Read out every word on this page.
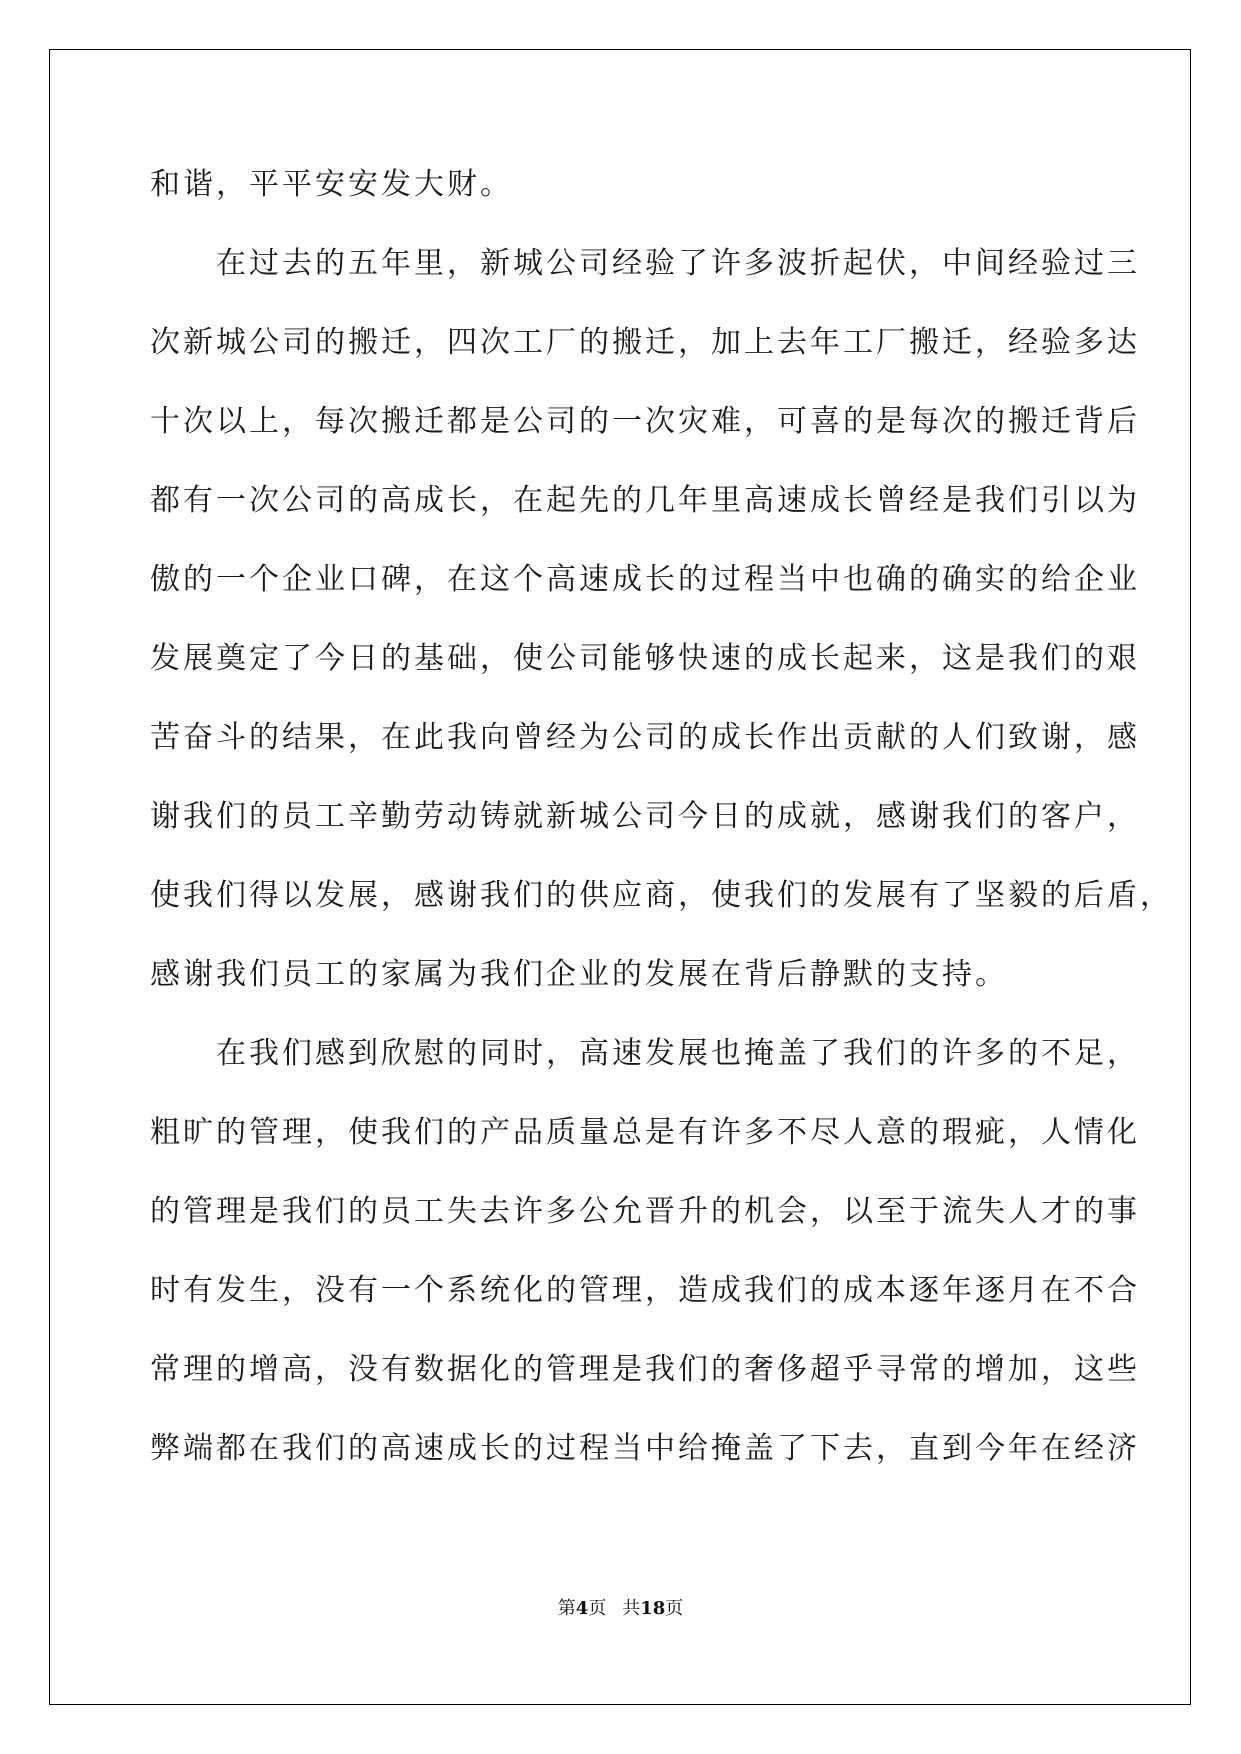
和谐，平平安安发大财。
在过去的五年里，新城公司经验了许多波折起伏，中间经验过三
次新城公司的搬迁，四次工厂的搬迁，加上去年工厂搬迁，经验多达
十次以上，每次搬迁都是公司的一次灾难，可喜的是每次的搬迁背后
都有一次公司的高成长，在起先的几年里高速成长曾经是我们引以为
傲的一个企业口碑，在这个高速成长的过程当中也确的确实的给企业
发展奠定了今日的基础，使公司能够快速的成长起来，这是我们的艰
苦奋斗的结果，在此我向曾经为公司的成长作出贡献的人们致谢，感
谢我们的员工辛勤劳动铸就新城公司今日的成就，感谢我们的客户，
使我们得以发展，感谢我们的供应商，使我们的发展有了坚毅的后盾，
感谢我们员工的家属为我们企业的发展在背后静默的支持。
在我们感到欣慰的同时，高速发展也掩盖了我们的许多的不足，
粗旷的管理，使我们的产品质量总是有许多不尽人意的瑕疵，人情化
的管理是我们的员工失去许多公允晋升的机会，以至于流失人才的事
时有发生，没有一个系统化的管理，造成我们的成本逐年逐月在不合
常理的增高，没有数据化的管理是我们的奢侈超乎寻常的增加，这些
弊端都在我们的高速成长的过程当中给掩盖了下去，直到今年在经济
第4页 共18页
